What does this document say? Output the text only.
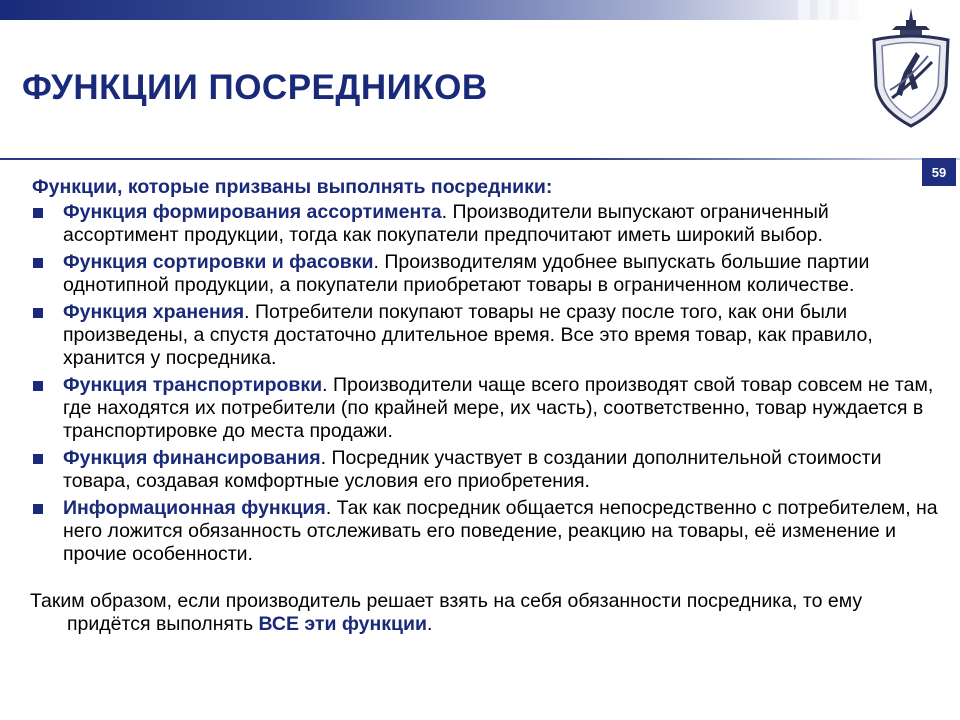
ФУНКЦИИ ПОСРЕДНИКОВ
59
Функции, которые призваны выполнять посредники:
Функция формирования ассортимента. Производители выпускают ограниченный ассортимент продукции, тогда как покупатели предпочитают иметь широкий выбор.
Функция сортировки и фасовки. Производителям удобнее выпускать большие партии однотипной продукции, а покупатели приобретают товары в ограниченном количестве.
Функция хранения. Потребители покупают товары не сразу после того, как они были произведены, а спустя достаточно длительное время. Все это время товар, как правило, хранится у посредника.
Функция транспортировки. Производители чаще всего производят свой товар совсем не там, где находятся их потребители (по крайней мере, их часть), соответственно, товар нуждается в транспортировке до места продажи.
Функция финансирования. Посредник участвует в создании дополнительной стоимости товара, создавая комфортные условия его приобретения.
Информационная функция. Так как посредник общается непосредственно с потребителем, на него ложится обязанность отслеживать его поведение, реакцию на товары, её изменение и прочие особенности.
Таким образом, если производитель решает взять на себя обязанности посредника, то ему придётся выполнять ВСЕ эти функции.
